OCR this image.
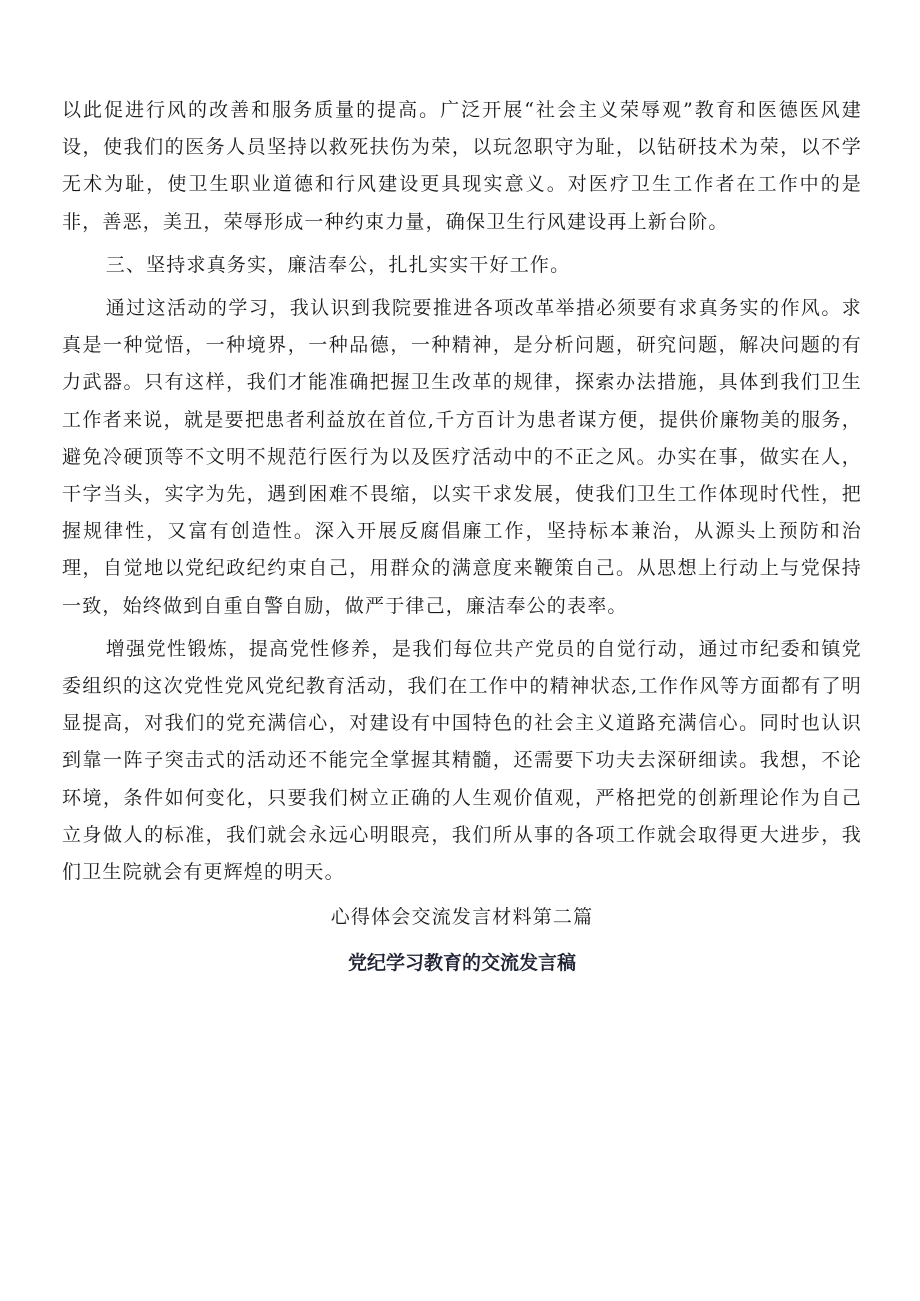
以此促进行风的改善和服务质量的提高。广泛开展“社会主义荣辱观”教育和医德医风建设，使我们的医务人员坚持以救死扶伤为荣，以玩忽职守为耻，以钻研技术为荣，以不学无术为耻，使卫生职业道德和行风建设更具现实意义。对医疗卫生工作者在工作中的是非，善恶，美丑，荣辱形成一种约束力量，确保卫生行风建设再上新台阶。

三、坚持求真务实，廉洁奉公，扎扎实实干好工作。

通过这活动的学习，我认识到我院要推进各项改革举措必须要有求真务实的作风。求真是一种觉悟，一种境界，一种品德，一种精神，是分析问题，研究问题，解决问题的有力武器。只有这样，我们才能准确把握卫生改革的规律，探索办法措施，具体到我们卫生工作者来说，就是要把患者利益放在首位,千方百计为患者谋方便，提供价廉物美的服务，避免冷硬顶等不文明不规范行医行为以及医疗活动中的不正之风。办实在事，做实在人，干字当头，实字为先，遇到困难不畏缩，以实干求发展，使我们卫生工作体现时代性，把握规律性，又富有创造性。深入开展反腐倡廉工作，坚持标本兼治，从源头上预防和治理，自觉地以党纪政纪约束自己，用群众的满意度来鞭策自己。从思想上行动上与党保持一致，始终做到自重自警自励，做严于律己，廉洁奉公的表率。

增强党性锻炼，提高党性修养，是我们每位共产党员的自觉行动，通过市纪委和镇党委组织的这次党性党风党纪教育活动，我们在工作中的精神状态,工作作风等方面都有了明显提高，对我们的党充满信心，对建设有中国特色的社会主义道路充满信心。同时也认识到靠一阵子突击式的活动还不能完全掌握其精髓，还需要下功夫去深研细读。我想，不论环境，条件如何变化，只要我们树立正确的人生观价值观，严格把党的创新理论作为自己立身做人的标准，我们就会永远心明眼亮，我们所从事的各项工作就会取得更大进步，我们卫生院就会有更辉煌的明天。

心得体会交流发言材料第二篇
党纪学习教育的交流发言稿
